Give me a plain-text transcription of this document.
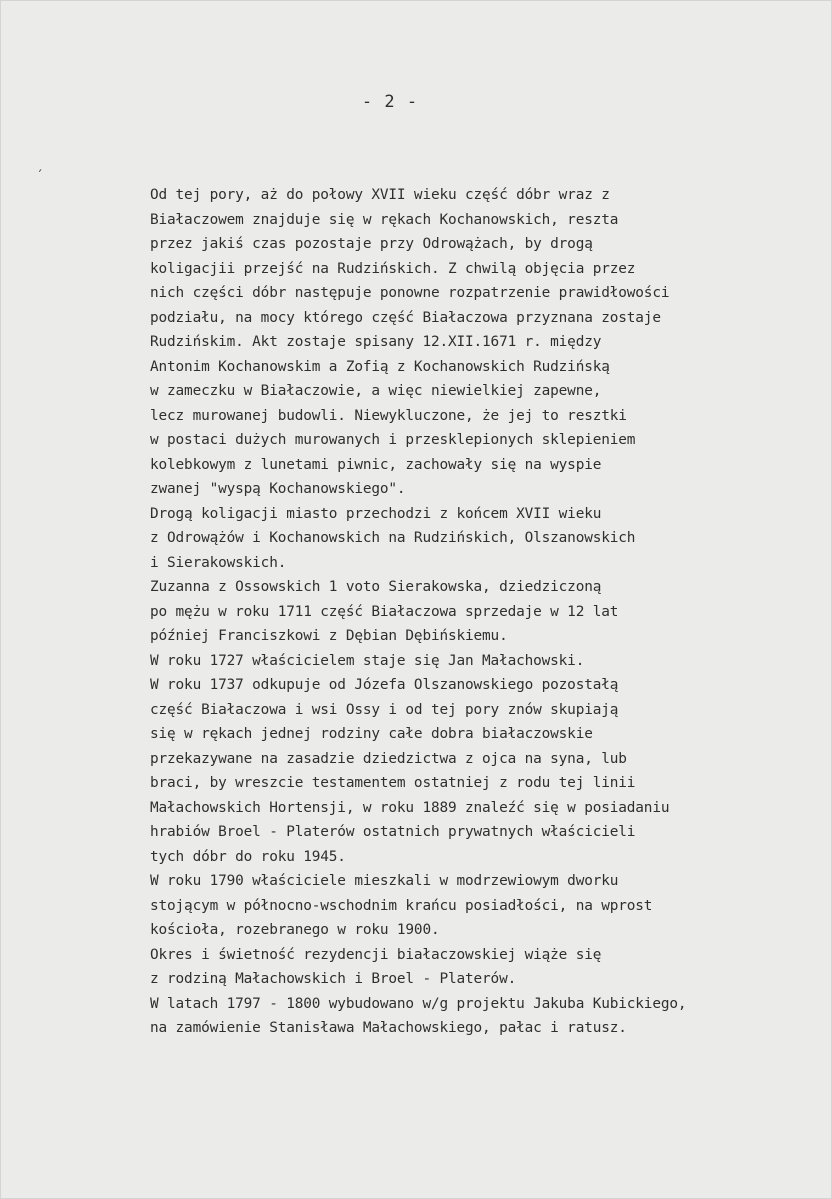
- 2 -
′
Od tej pory, aż do połowy XVII wieku część dóbr wraz z
Białaczowem znajduje się w rękach Kochanowskich, reszta
przez jakiś czas pozostaje przy Odrowążach, by drogą
koligacjii przejść na Rudzińskich. Z chwilą objęcia przez
nich części dóbr następuje ponowne rozpatrzenie prawidłowości
podziału, na mocy którego część Białaczowa przyznana zostaje
Rudzińskim. Akt zostaje spisany 12.XII.1671 r. między
Antonim Kochanowskim a Zofią z Kochanowskich Rudzińską
w zameczku w Białaczowie, a więc niewielkiej zapewne,
lecz murowanej budowli. Niewykluczone, że jej to resztki
w postaci dużych murowanych i przesklepionych sklepieniem
kolebkowym z lunetami piwnic, zachowały się na wyspie
zwanej "wyspą Kochanowskiego".
Drogą koligacji miasto przechodzi z końcem XVII wieku
z Odrowążów i Kochanowskich na Rudzińskich, Olszanowskich
i Sierakowskich.
Zuzanna z Ossowskich 1 voto Sierakowska, dziedziczoną
po mężu w roku 1711 część Białaczowa sprzedaje w 12 lat
później Franciszkowi z Dębian Dębińskiemu.
W roku 1727 właścicielem staje się Jan Małachowski.
W roku 1737 odkupuje od Józefa Olszanowskiego pozostałą
część Białaczowa i wsi Ossy i od tej pory znów skupiają
się w rękach jednej rodziny całe dobra białaczowskie
przekazywane na zasadzie dziedzictwa z ojca na syna, lub
braci, by wreszcie testamentem ostatniej z rodu tej linii
Małachowskich Hortensji, w roku 1889 znaleźć się w posiadaniu
hrabiów Broel - Platerów ostatnich prywatnych właścicieli
tych dóbr do roku 1945.
W roku 1790 właściciele mieszkali w modrzewiowym dworku
stojącym w północno-wschodnim krańcu posiadłości, na wprost
kościoła, rozebranego w roku 1900.
Okres i świetność rezydencji białaczowskiej wiąże się
z rodziną Małachowskich i Broel - Platerów.
W latach 1797 - 1800 wybudowano w/g projektu Jakuba Kubickiego,
na zamówienie Stanisława Małachowskiego, pałac i ratusz.
